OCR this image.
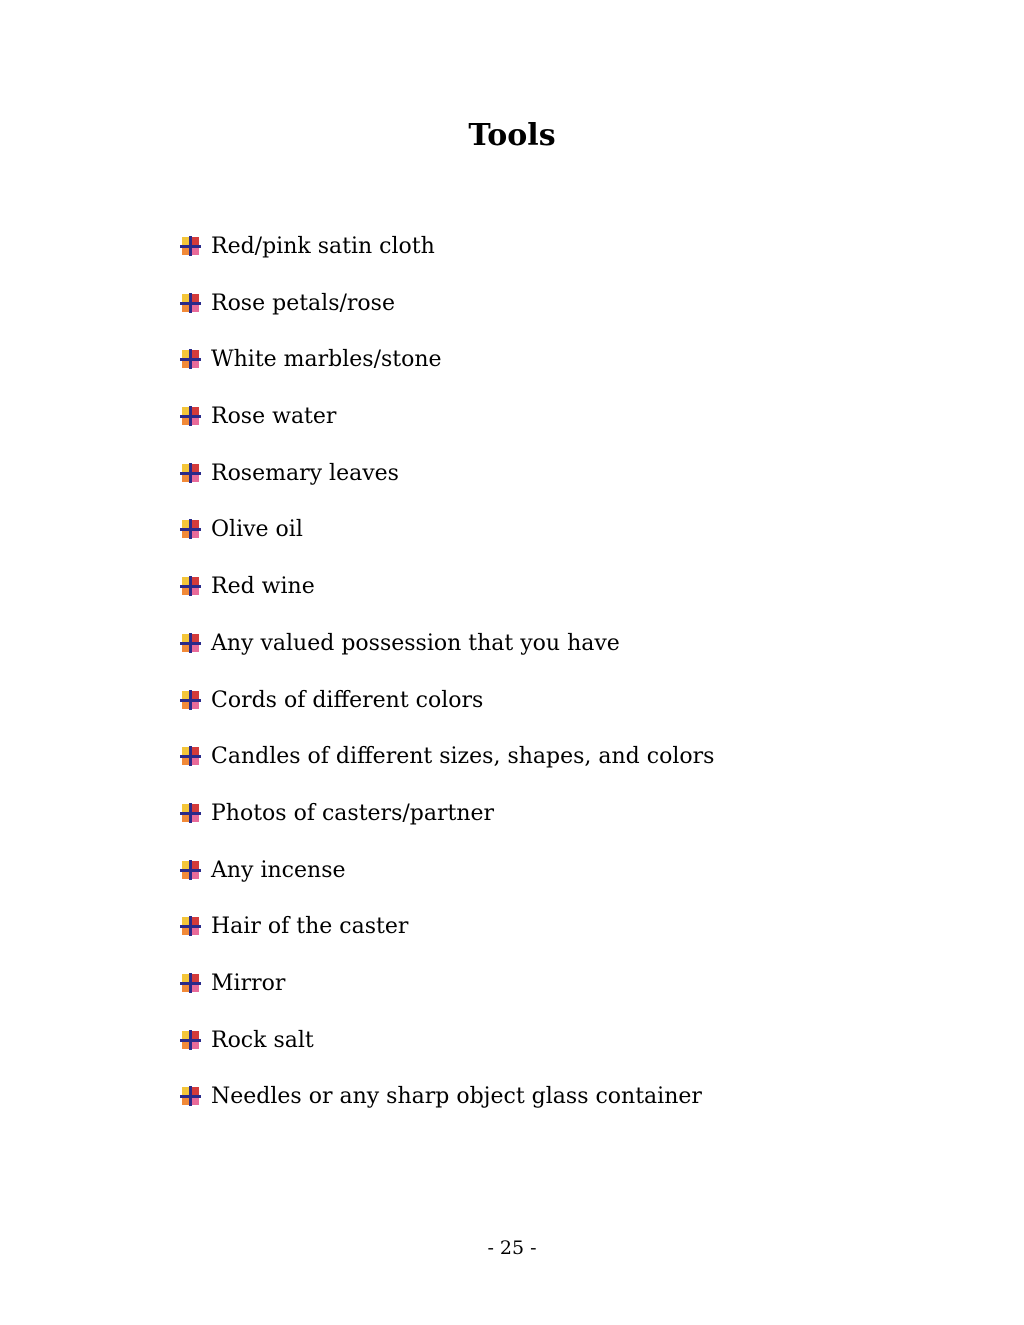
Tools
Red/pink satin cloth
Rose petals/rose
White marbles/stone
Rose water
Rosemary leaves
Olive oil
Red wine
Any valued possession that you have
Cords of different colors
Candles of different sizes, shapes, and colors
Photos of casters/partner
Any incense
Hair of the caster
Mirror
Rock salt
Needles or any sharp object glass container
- 25 -
